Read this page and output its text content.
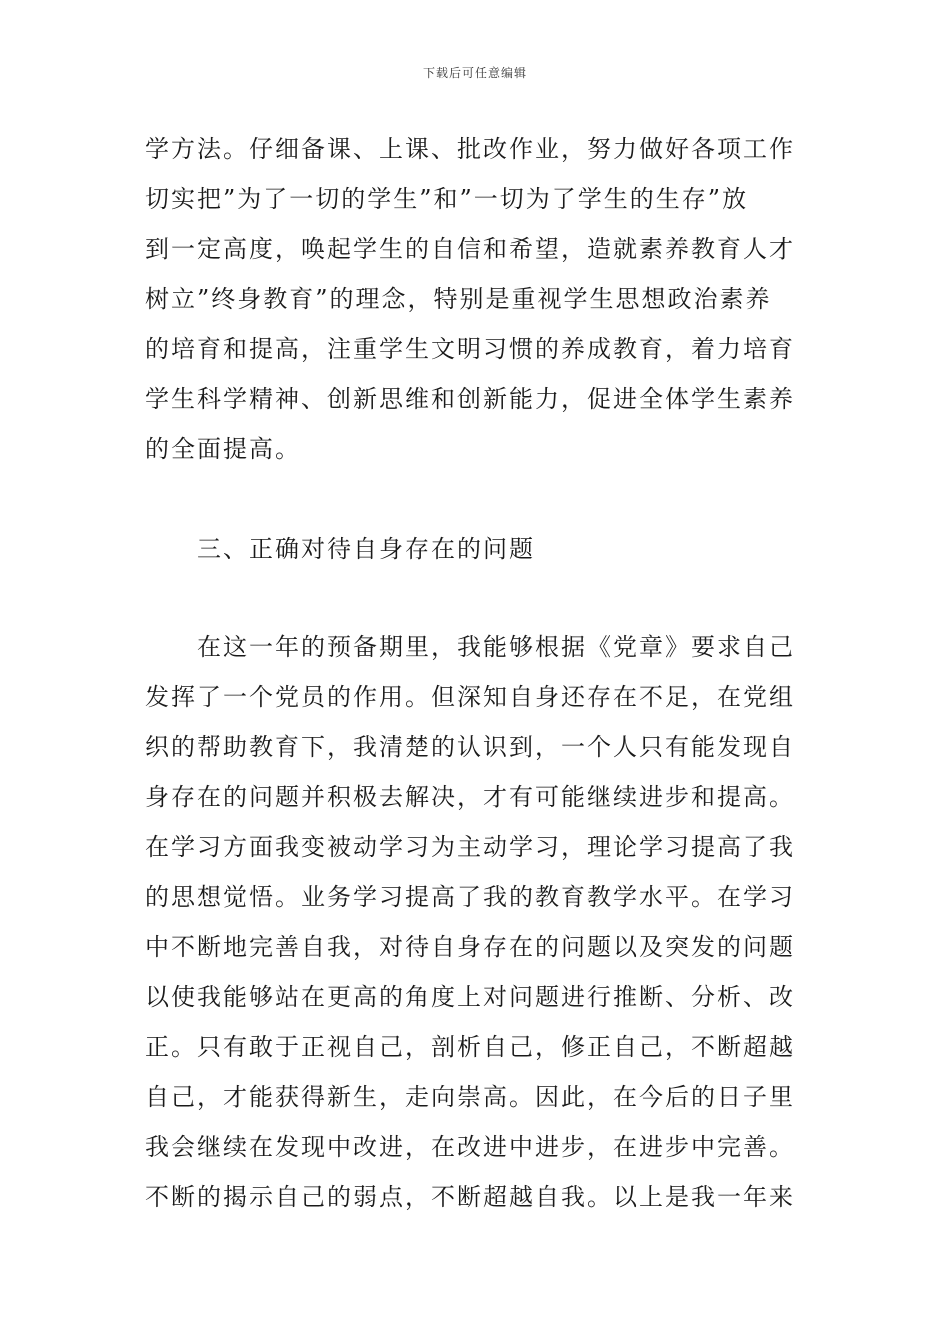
下载后可任意编辑
学方法。仔细备课、上课、批改作业，努力做好各项工作
切实把”为了一切的学生”和”一切为了学生的生存”放
到一定高度，唤起学生的自信和希望，造就素养教育人才
树立”终身教育”的理念，特别是重视学生思想政治素养
的培育和提高，注重学生文明习惯的养成教育，着力培育
学生科学精神、创新思维和创新能力，促进全体学生素养
的全面提高。
三、正确对待自身存在的问题
在这一年的预备期里，我能够根据《党章》要求自己
发挥了一个党员的作用。但深知自身还存在不足，在党组
织的帮助教育下，我清楚的认识到，一个人只有能发现自
身存在的问题并积极去解决，才有可能继续进步和提高。
在学习方面我变被动学习为主动学习，理论学习提高了我
的思想觉悟。业务学习提高了我的教育教学水平。在学习
中不断地完善自我，对待自身存在的问题以及突发的问题
以使我能够站在更高的角度上对问题进行推断、分析、改
正。只有敢于正视自己，剖析自己，修正自己，不断超越
自己，才能获得新生，走向崇高。因此，在今后的日子里
我会继续在发现中改进，在改进中进步，在进步中完善。
不断的揭示自己的弱点，不断超越自我。以上是我一年来
